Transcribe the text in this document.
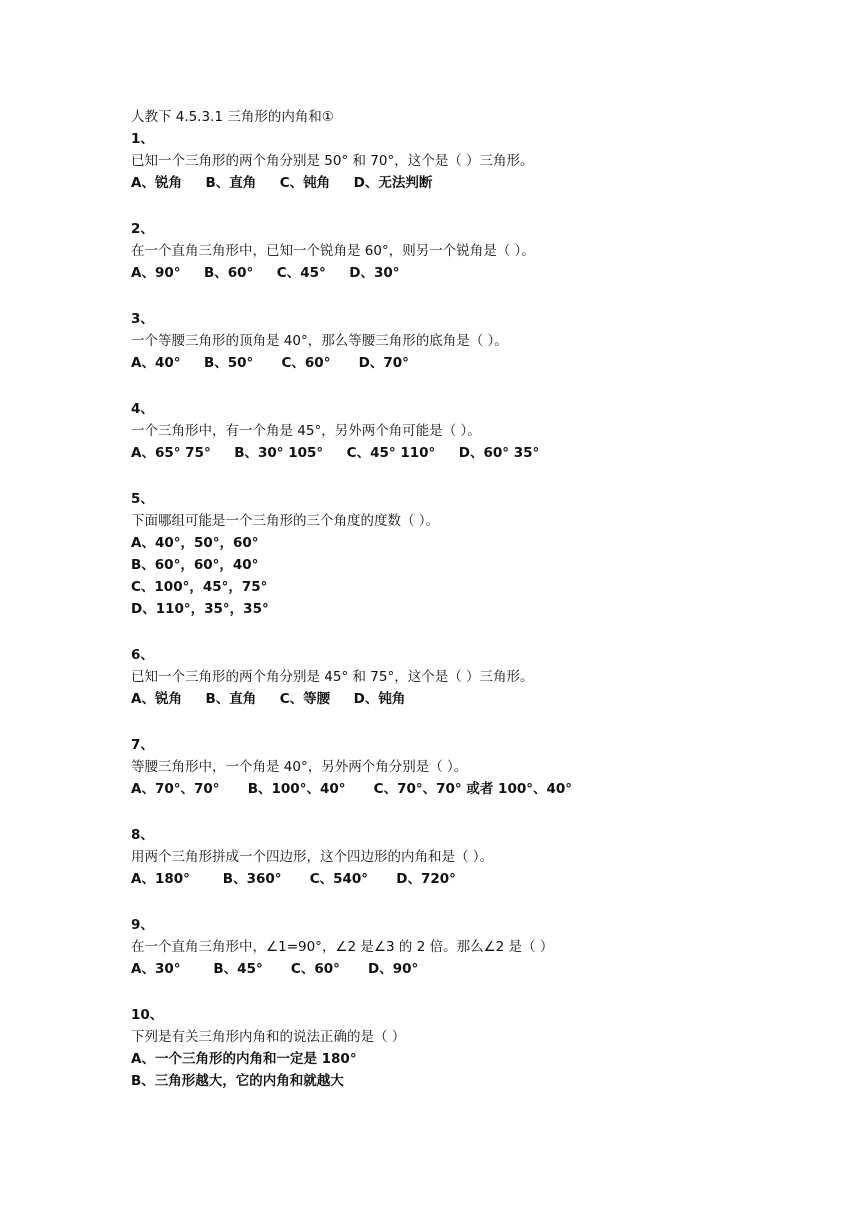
人教下 4.5.3.1 三角形的内角和①
1、
已知一个三角形的两个角分别是 50° 和 70°，这个是（ ）三角形。
A、锐角     B、直角     C、钝角     D、无法判断
2、
在一个直角三角形中，已知一个锐角是 60°，则另一个锐角是（ ）。
A、90°     B、60°     C、45°     D、30°
3、
一个等腰三角形的顶角是 40°，那么等腰三角形的底角是（ ）。
A、40°     B、50°      C、60°      D、70°
4、
一个三角形中，有一个角是 45°，另外两个角可能是（ ）。
A、65° 75°     B、30° 105°     C、45° 110°     D、60° 35°
5、
下面哪组可能是一个三角形的三个角度的度数（ ）。
A、40°，50°，60°
B、60°，60°，40°
C、100°，45°，75°
D、110°，35°，35°
6、
已知一个三角形的两个角分别是 45° 和 75°，这个是（ ）三角形。
A、锐角     B、直角     C、等腰     D、钝角
7、
等腰三角形中，一个角是 40°，另外两个角分别是（ ）。
A、70°、70°      B、100°、40°      C、70°、70° 或者 100°、40°
8、
用两个三角形拼成一个四边形，这个四边形的内角和是（ ）。
A、180°       B、360°      C、540°      D、720°
9、
在一个直角三角形中，∠1=90°，∠2 是∠3 的 2 倍。那么∠2 是（ ）
A、30°       B、45°      C、60°      D、90°
10、
下列是有关三角形内角和的说法正确的是（ ）
A、一个三角形的内角和一定是 180°
B、三角形越大，它的内角和就越大
